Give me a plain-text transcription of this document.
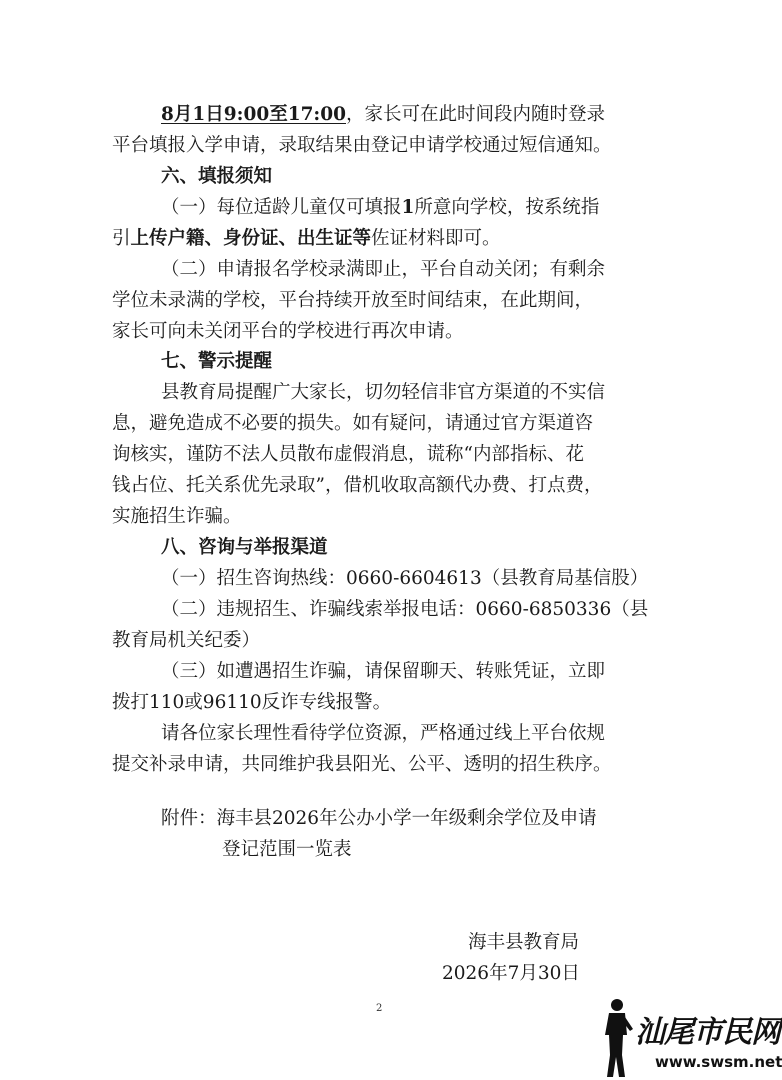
8月1日9:00至17:00，家长可在此时间段内随时登录
平台填报入学申请，录取结果由登记申请学校通过短信通知。
六、填报须知
（一）每位适龄儿童仅可填报1所意向学校，按系统指
引上传户籍、身份证、出生证等佐证材料即可。
（二）申请报名学校录满即止，平台自动关闭；有剩余
学位未录满的学校，平台持续开放至时间结束，在此期间，
家长可向未关闭平台的学校进行再次申请。
七、警示提醒
县教育局提醒广大家长，切勿轻信非官方渠道的不实信
息，避免造成不必要的损失。如有疑问，请通过官方渠道咨
询核实，谨防不法人员散布虚假消息，谎称“内部指标、花
钱占位、托关系优先录取”，借机收取高额代办费、打点费，
实施招生诈骗。
八、咨询与举报渠道
（一）招生咨询热线：0660-6604613（县教育局基信股）
（二）违规招生、诈骗线索举报电话：0660-6850336（县
教育局机关纪委）
（三）如遭遇招生诈骗，请保留聊天、转账凭证，立即
拨打110或96110反诈专线报警。
请各位家长理性看待学位资源，严格通过线上平台依规
提交补录申请，共同维护我县阳光、公平、透明的招生秩序。
附件：海丰县2026年公办小学一年级剩余学位及申请
登记范围一览表
海丰县教育局
2026年7月30日
2
汕尾市民网
www.swsm.net
